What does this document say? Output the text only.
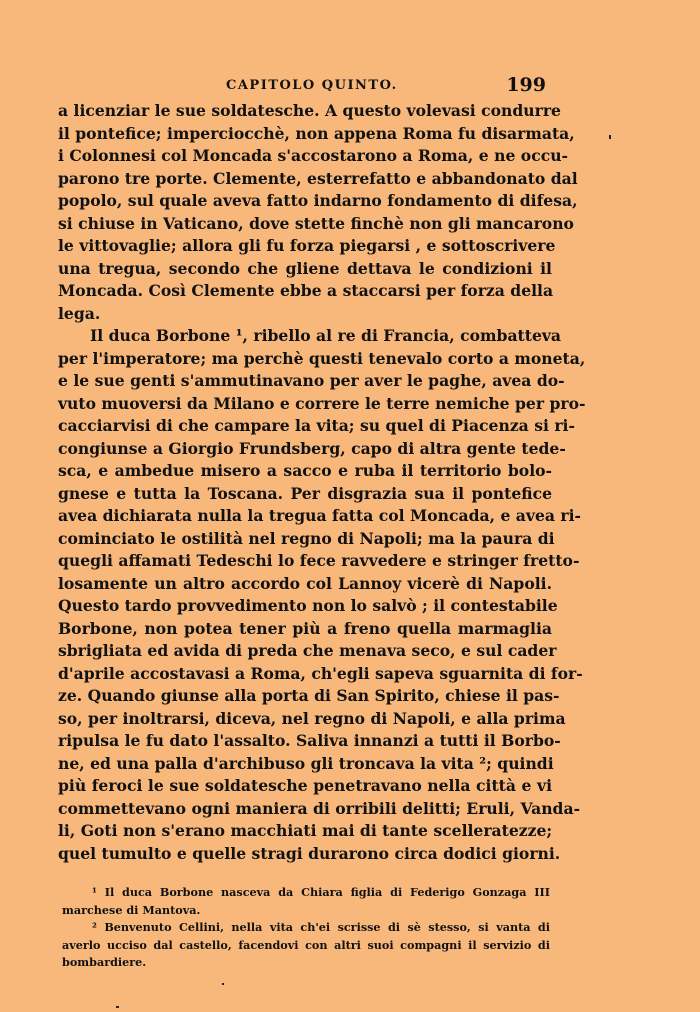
CAPITOLO QUINTO.	199
a licenziar le sue soldatesche. A questo volevasi condurre
il pontefice; imperciocchè, non appena Roma fu disarmata,
i Colonnesi col Moncada s'accostarono a Roma, e ne occu-
parono tre porte. Clemente, esterrefatto e abbandonato dal
popolo, sul quale aveva fatto indarno fondamento di difesa,
si chiuse in Vaticano, dove stette finchè non gli mancarono
le vittovaglie; allora gli fu forza piegarsi , e sottoscrivere
una tregua, secondo che gliene dettava le condizioni il
Moncada. Così Clemente ebbe a staccarsi per forza della
lega.
Il duca Borbone ¹, ribello al re di Francia, combatteva
per l'imperatore; ma perchè questi tenevalo corto a moneta,
e le sue genti s'ammutinavano per aver le paghe, avea do-
vuto muoversi da Milano e correre le terre nemiche per pro-
cacciarvisi di che campare la vita; su quel di Piacenza si ri-
congiunse a Giorgio Frundsberg, capo di altra gente tede-
sca, e ambedue misero a sacco e ruba il territorio bolo-
gnese e tutta la Toscana. Per disgrazia sua il pontefice
avea dichiarata nulla la tregua fatta col Moncada, e avea ri-
cominciato le ostilità nel regno di Napoli; ma la paura di
quegli affamati Tedeschi lo fece ravvedere e stringer fretto-
losamente un altro accordo col Lannoy vicerè di Napoli.
Questo tardo provvedimento non lo salvò ; il contestabile
Borbone, non potea tener più a freno quella marmaglia
sbrigliata ed avida di preda che menava seco, e sul cader
d'aprile accostavasi a Roma, ch'egli sapeva sguarnita di for-
ze. Quando giunse alla porta di San Spirito, chiese il pas-
so, per inoltrarsi, diceva, nel regno di Napoli, e alla prima
ripulsa le fu dato l'assalto. Saliva innanzi a tutti il Borbo-
ne, ed una palla d'archibuso gli troncava la vita ²; quindi
più feroci le sue soldatesche penetravano nella città e vi
commettevano ogni maniera di orribili delitti; Eruli, Vanda-
li, Goti non s'erano macchiati mai di tante scelleratezze;
quel tumulto e quelle stragi durarono circa dodici giorni.
¹ Il duca Borbone nasceva da Chiara figlia di Federigo Gonzaga III
marchese di Mantova.
² Benvenuto Cellini, nella vita ch'ei scrisse di sè stesso, si vanta di
averlo ucciso dal castello, facendovi con altri suoi compagni il servizio di
bombardiere.
